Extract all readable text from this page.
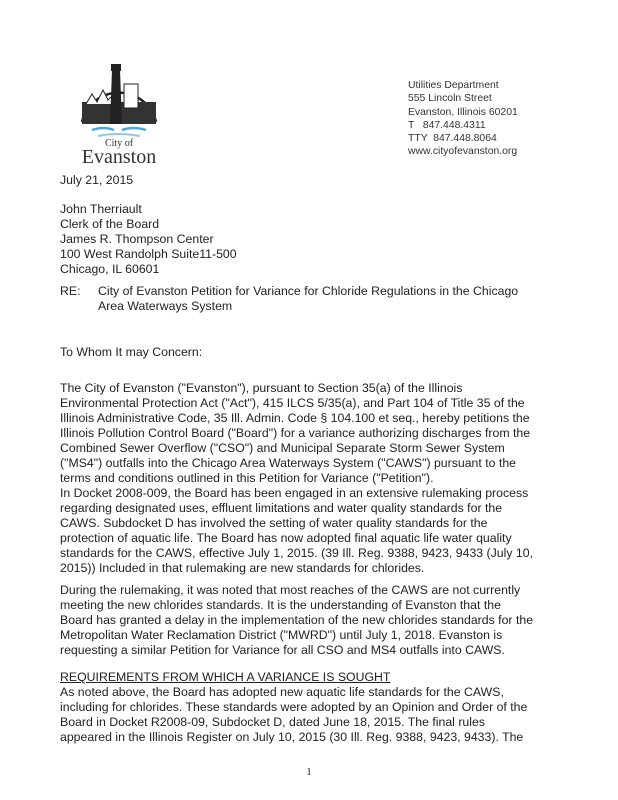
City of
Evanston
Utilities Department
555 Lincoln Street
Evanston, Illinois 60201
T   847.448.4311
TTY  847.448.8064
www.cityofevanston.org
July 21, 2015
John Therriault
Clerk of the Board
James R. Thompson Center
100 West Randolph Suite11-500
Chicago, IL 60601
RE: City of Evanston Petition for Variance for Chloride Regulations in the Chicago
Area Waterways System
To Whom It may Concern:
The City of Evanston ("Evanston"), pursuant to Section 35(a) of the Illinois
Environmental Protection Act ("Act"), 415 ILCS 5/35(a), and Part 104 of Title 35 of the
Illinois Administrative Code, 35 Ill. Admin. Code § 104.100 et seq., hereby petitions the
Illinois Pollution Control Board ("Board") for a variance authorizing discharges from the
Combined Sewer Overflow ("CSO") and Municipal Separate Storm Sewer System
("MS4") outfalls into the Chicago Area Waterways System ("CAWS") pursuant to the
terms and conditions outlined in this Petition for Variance ("Petition").
In Docket 2008-009, the Board has been engaged in an extensive rulemaking process
regarding designated uses, effluent limitations and water quality standards for the
CAWS. Subdocket D has involved the setting of water quality standards for the
protection of aquatic life. The Board has now adopted final aquatic life water quality
standards for the CAWS, effective July 1, 2015. (39 Ill. Reg. 9388, 9423, 9433 (July 10,
2015)) Included in that rulemaking are new standards for chlorides.
During the rulemaking, it was noted that most reaches of the CAWS are not currently
meeting the new chlorides standards. It is the understanding of Evanston that the
Board has granted a delay in the implementation of the new chlorides standards for the
Metropolitan Water Reclamation District ("MWRD") until July 1, 2018. Evanston is
requesting a similar Petition for Variance for all CSO and MS4 outfalls into CAWS.
REQUIREMENTS FROM WHICH A VARIANCE IS SOUGHT
As noted above, the Board has adopted new aquatic life standards for the CAWS,
including for chlorides. These standards were adopted by an Opinion and Order of the
Board in Docket R2008-09, Subdocket D, dated June 18, 2015. The final rules
appeared in the Illinois Register on July 10, 2015 (30 Ill. Reg. 9388, 9423, 9433). The
1
